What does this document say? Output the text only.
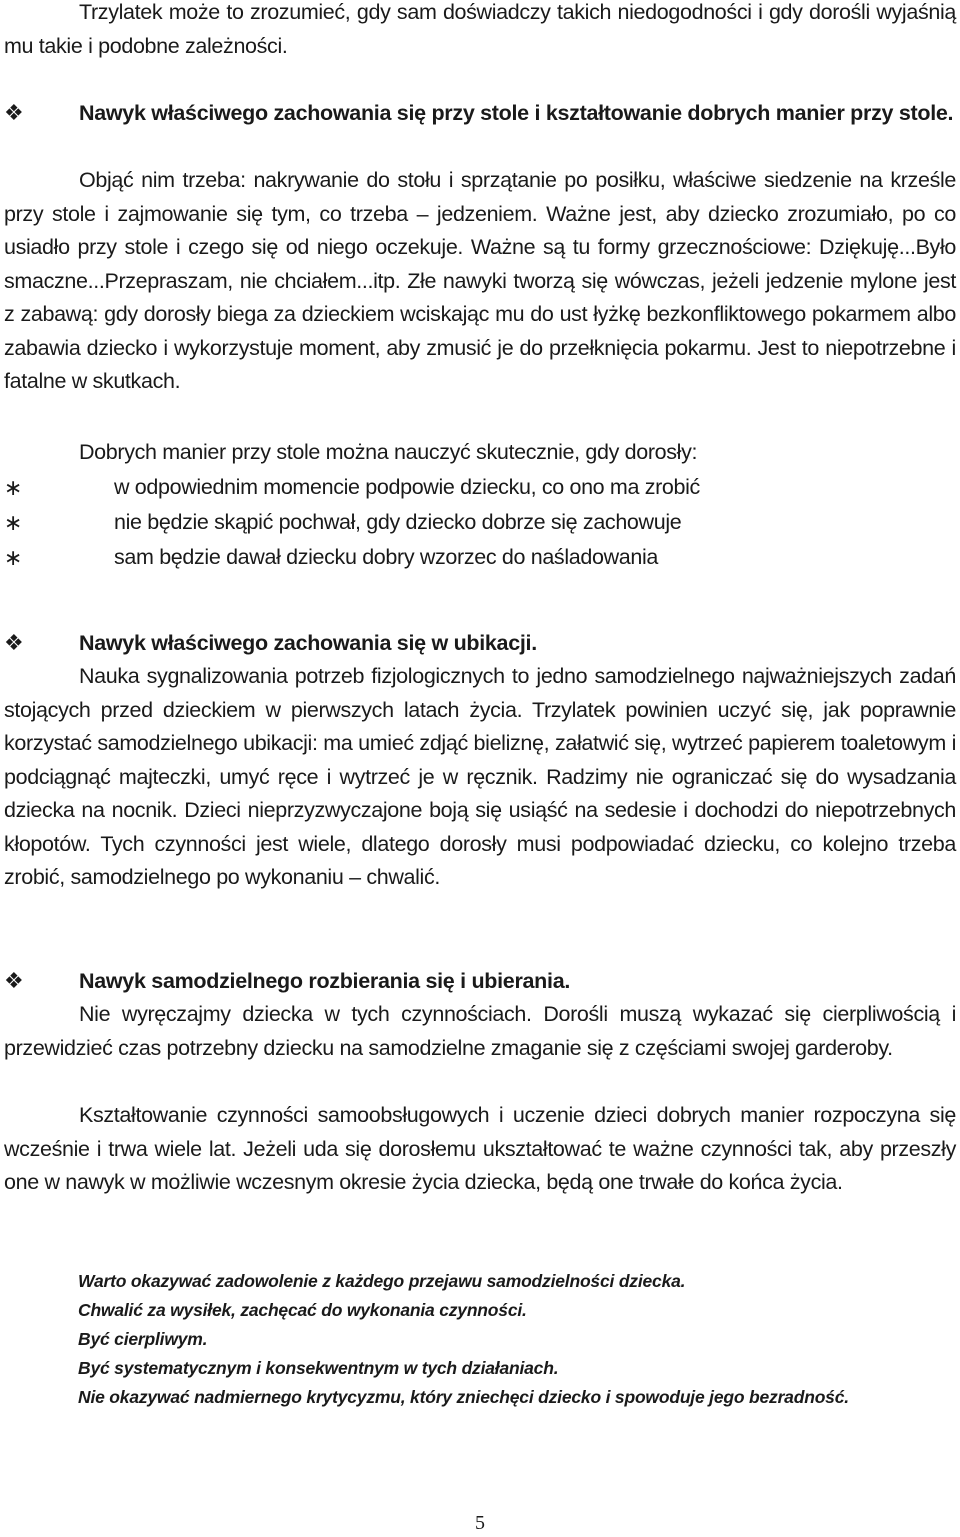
Trzylatek może to zrozumieć, gdy sam doświadczy takich niedogodności i gdy dorośli wyjaśnią mu takie i podobne zależności.

❖	Nawyk właściwego zachowania się przy stole i kształtowanie dobrych manier przy stole.

Objąć nim trzeba: nakrywanie do stołu i sprzątanie po posiłku, właściwe siedzenie na krześle przy stole i zajmowanie się tym, co trzeba – jedzeniem. Ważne jest, aby dziecko zrozumiało, po co usiadło przy stole i czego się od niego oczekuje. Ważne są tu formy grzecznościowe: Dziękuję...Było smaczne...Przepraszam, nie chciałem...itp. Złe nawyki tworzą się wówczas, jeżeli jedzenie mylone jest z zabawą: gdy dorosły biega za dzieckiem wciskając mu do ust łyżkę bezkonfliktowego pokarmem albo zabawia dziecko i wykorzystuje moment, aby zmusić je do przełknięcia pokarmu. Jest to niepotrzebne i fatalne w skutkach.

Dobrych manier przy stole można nauczyć skutecznie, gdy dorosły:

∗	w odpowiednim momencie podpowie dziecku, co ono ma zrobić
∗	nie będzie skąpić pochwał, gdy dziecko dobrze się zachowuje
∗	sam będzie dawał dziecku dobry wzorzec do naśladowania

❖	Nawyk właściwego zachowania się w ubikacji.

Nauka sygnalizowania potrzeb fizjologicznych to jedno samodzielnego najważniejszych zadań stojących przed dzieckiem w pierwszych latach życia. Trzylatek powinien uczyć się, jak poprawnie korzystać samodzielnego ubikacji: ma umieć zdjąć bieliznę, załatwić się, wytrzeć papierem toaletowym i podciągnąć majteczki, umyć ręce i wytrzeć je w ręcznik. Radzimy nie ograniczać się do wysadzania dziecka na nocnik. Dzieci nieprzyzwyczajone boją się usiąść na sedesie i dochodzi do niepotrzebnych kłopotów. Tych czynności jest wiele, dlatego dorosły musi podpowiadać dziecku, co kolejno trzeba zrobić, samodzielnego po wykonaniu – chwalić.

❖	Nawyk samodzielnego rozbierania się i ubierania.

Nie wyręczajmy dziecka w tych czynnościach. Dorośli muszą wykazać się cierpliwością i przewidzieć czas potrzebny dziecku na samodzielne zmaganie się z częściami swojej garderoby.

Kształtowanie czynności samoobsługowych i uczenie dzieci dobrych manier rozpoczyna się wcześnie i trwa wiele lat. Jeżeli uda się dorosłemu ukształtować te ważne czynności tak, aby przeszły one w nawyk w możliwie wczesnym okresie życia dziecka, będą one trwałe do końca życia.

Warto okazywać zadowolenie z każdego przejawu samodzielności dziecka.

Chwalić za wysiłek, zachęcać do wykonania czynności.

Być cierpliwym.

Być systematycznym i konsekwentnym w tych działaniach.

Nie okazywać nadmiernego krytycyzmu, który zniechęci dziecko i spowoduje jego bezradność.

5
